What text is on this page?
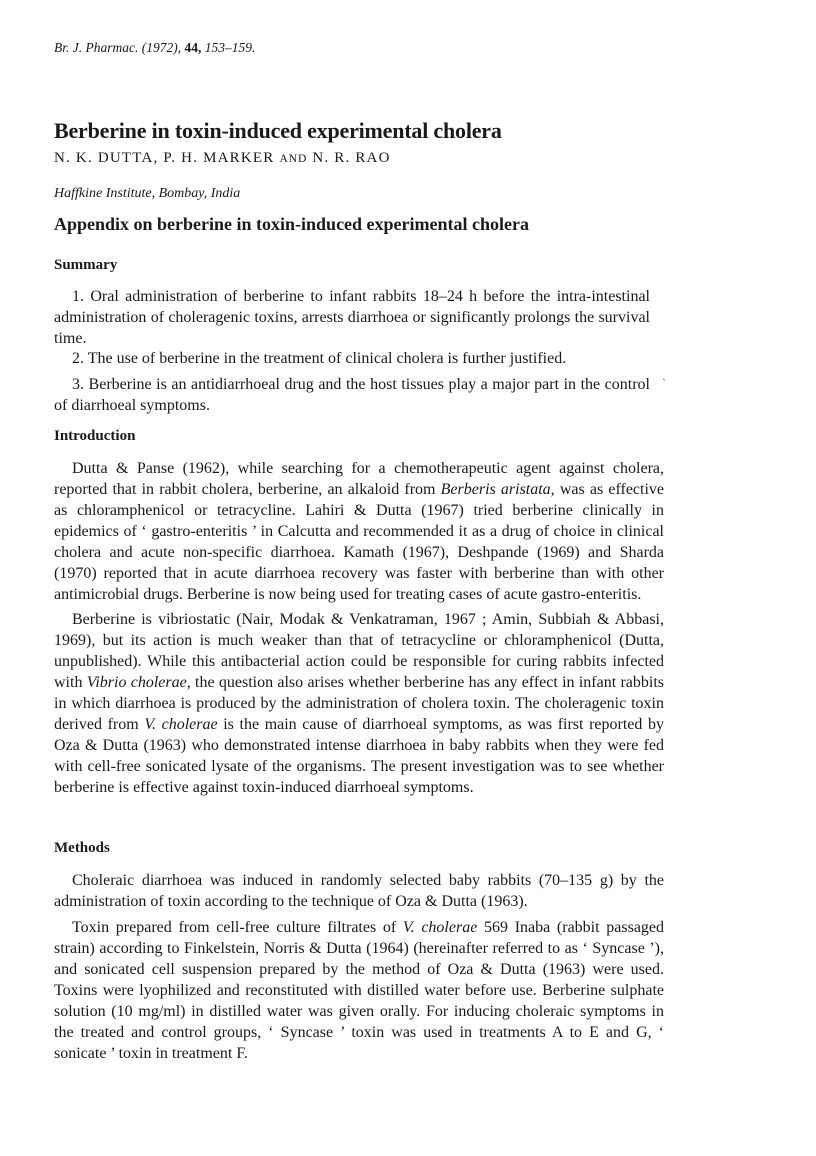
Br. J. Pharmac. (1972), 44, 153–159.
Berberine in toxin-induced experimental cholera
N. K. DUTTA, P. H. MARKER AND N. R. RAO
Haffkine Institute, Bombay, India
Appendix on berberine in toxin-induced experimental cholera
Summary

1. Oral administration of berberine to infant rabbits 18–24 h before the intra-intestinal administration of choleragenic toxins, arrests diarrhoea or significantly prolongs the survival time.

2. The use of berberine in the treatment of clinical cholera is further justified.

3. Berberine is an antidiarrhoeal drug and the host tissues play a major part in the control of diarrhoeal symptoms.

`
Introduction

Dutta & Panse (1962), while searching for a chemotherapeutic agent against cholera, reported that in rabbit cholera, berberine, an alkaloid from Berberis aristata, was as effective as chloramphenicol or tetracycline. Lahiri & Dutta (1967) tried berberine clinically in epidemics of ‘ gastro-enteritis ’ in Calcutta and recommended it as a drug of choice in clinical cholera and acute non-specific diarrhoea. Kamath (1967), Deshpande (1969) and Sharda (1970) reported that in acute diarrhoea recovery was faster with berberine than with other antimicrobial drugs. Berberine is now being used for treating cases of acute gastro-enteritis.

Berberine is vibriostatic (Nair, Modak & Venkatraman, 1967 ; Amin, Subbiah & Abbasi, 1969), but its action is much weaker than that of tetracycline or chloramphenicol (Dutta, unpublished). While this antibacterial action could be responsible for curing rabbits infected with Vibrio cholerae, the question also arises whether berberine has any effect in infant rabbits in which diarrhoea is produced by the administration of cholera toxin. The choleragenic toxin derived from V. cholerae is the main cause of diarrhoeal symptoms, as was first reported by Oza & Dutta (1963) who demonstrated intense diarrhoea in baby rabbits when they were fed with cell-free sonicated lysate of the organisms. The present investigation was to see whether berberine is effective against toxin-induced diarrhoeal symptoms.

Methods

Choleraic diarrhoea was induced in randomly selected baby rabbits (70–135 g) by the administration of toxin according to the technique of Oza & Dutta (1963).

Toxin prepared from cell-free culture filtrates of V. cholerae 569 Inaba (rabbit passaged strain) according to Finkelstein, Norris & Dutta (1964) (hereinafter referred to as ‘ Syncase ’), and sonicated cell suspension prepared by the method of Oza & Dutta (1963) were used. Toxins were lyophilized and reconstituted with distilled water before use. Berberine sulphate solution (10 mg/ml) in distilled water was given orally. For inducing choleraic symptoms in the treated and control groups, ‘ Syncase ’ toxin was used in treatments A to E and G, ‘ sonicate ’ toxin in treatment F.
